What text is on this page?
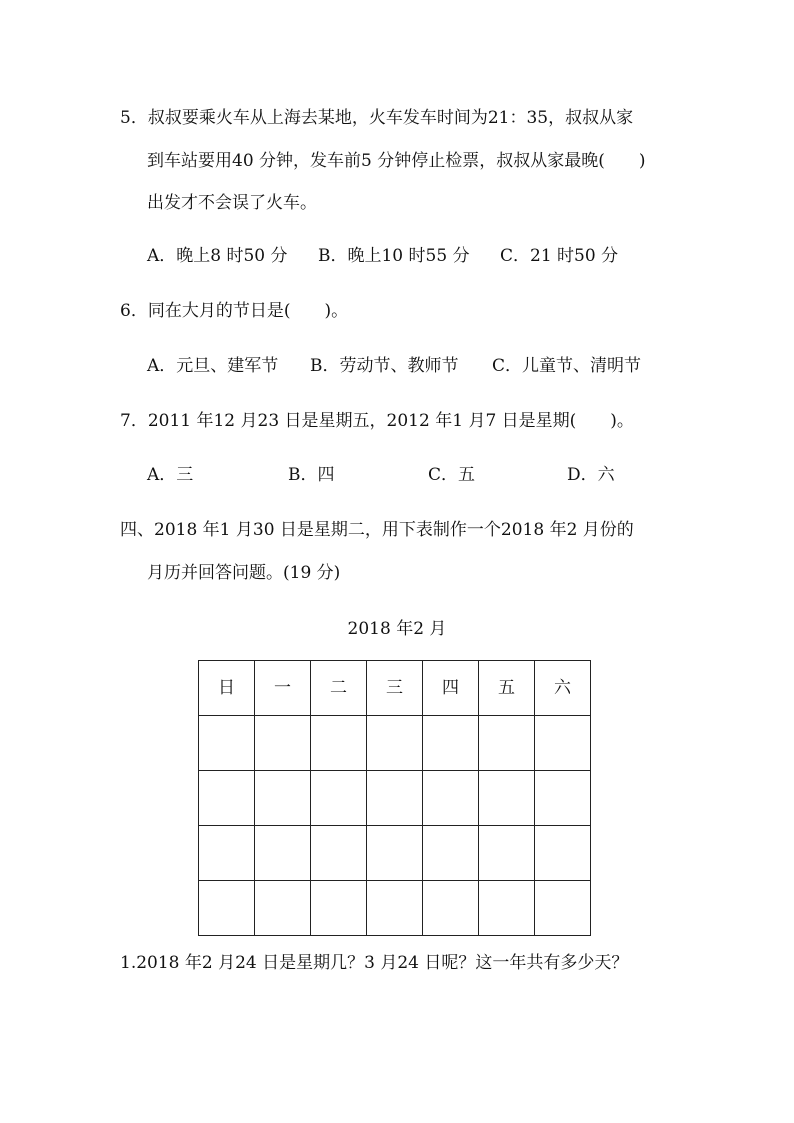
5．叔叔要乘火车从上海去某地，火车发车时间为21：35，叔叔从家
到车站要用40 分钟，发车前5 分钟停止检票，叔叔从家最晚(　　)
出发才不会误了火车。
A．晚上8 时50 分 B．晚上10 时55 分 C．21 时50 分
6．同在大月的节日是(　　)。
A．元旦、建军节 B．劳动节、教师节 C．儿童节、清明节
7．2011 年12 月23 日是星期五，2012 年1 月7 日是星期(　　)。
A．三	B．四	C．五	D．六
四、2018 年1 月30 日是星期二，用下表制作一个2018 年2 月份的
月历并回答问题。(19 分)
2018 年2 月
日	一	二	三	四	五	六

1.2018 年2 月24 日是星期几？3 月24 日呢？这一年共有多少天？
